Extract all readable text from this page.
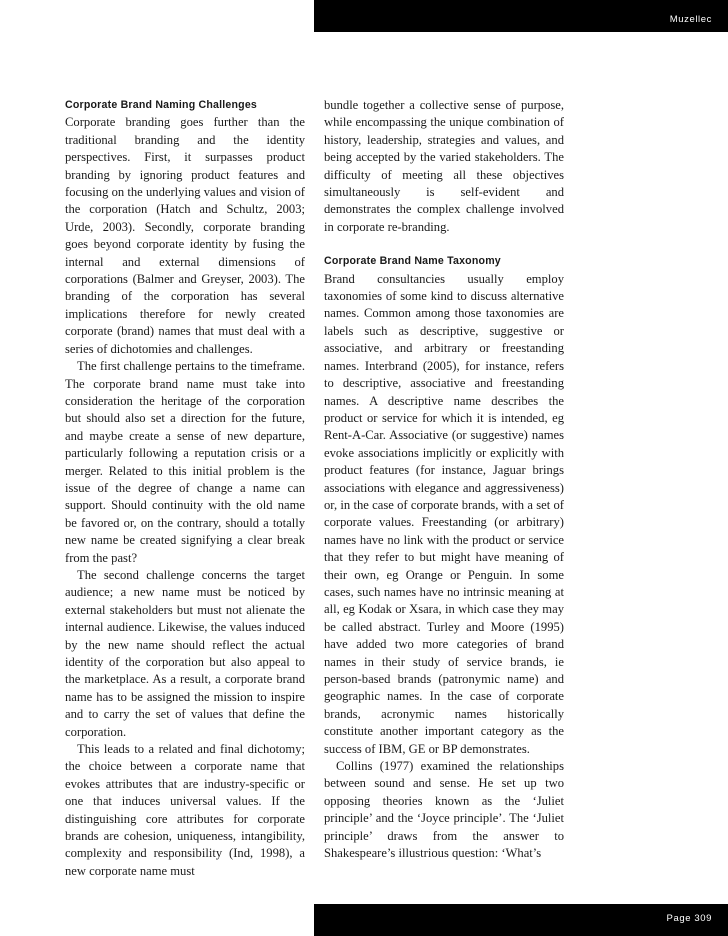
Muzellec
Corporate Brand Naming Challenges

Corporate branding goes further than the traditional branding and the identity perspectives. First, it surpasses product branding by ignoring product features and focusing on the underlying values and vision of the corporation (Hatch and Schultz, 2003; Urde, 2003). Secondly, corporate branding goes beyond corporate identity by fusing the internal and external dimensions of corporations (Balmer and Greyser, 2003). The branding of the corporation has several implications therefore for newly created corporate (brand) names that must deal with a series of dichotomies and challenges.

The first challenge pertains to the timeframe. The corporate brand name must take into consideration the heritage of the corporation but should also set a direction for the future, and maybe create a sense of new departure, particularly following a reputation crisis or a merger. Related to this initial problem is the issue of the degree of change a name can support. Should continuity with the old name be favored or, on the contrary, should a totally new name be created signifying a clear break from the past?

The second challenge concerns the target audience; a new name must be noticed by external stakeholders but must not alienate the internal audience. Likewise, the values induced by the new name should reflect the actual identity of the corporation but also appeal to the marketplace. As a result, a corporate brand name has to be assigned the mission to inspire and to carry the set of values that define the corporation.

This leads to a related and final dichotomy; the choice between a corporate name that evokes attributes that are industry-specific or one that induces universal values. If the distinguishing core attributes for corporate brands are cohesion, uniqueness, intangibility, complexity and responsibility (Ind, 1998), a new corporate name must

bundle together a collective sense of purpose, while encompassing the unique combination of history, leadership, strategies and values, and being accepted by the varied stakeholders. The difficulty of meeting all these objectives simultaneously is self-evident and demonstrates the complex challenge involved in corporate re-branding.

Corporate Brand Name Taxonomy

Brand consultancies usually employ taxonomies of some kind to discuss alternative names. Common among those taxonomies are labels such as descriptive, suggestive or associative, and arbitrary or freestanding names. Interbrand (2005), for instance, refers to descriptive, associative and freestanding names. A descriptive name describes the product or service for which it is intended, eg Rent-A-Car. Associative (or suggestive) names evoke associations implicitly or explicitly with product features (for instance, Jaguar brings associations with elegance and aggressiveness) or, in the case of corporate brands, with a set of corporate values. Freestanding (or arbitrary) names have no link with the product or service that they refer to but might have meaning of their own, eg Orange or Penguin. In some cases, such names have no intrinsic meaning at all, eg Kodak or Xsara, in which case they may be called abstract. Turley and Moore (1995) have added two more categories of brand names in their study of service brands, ie person-based brands (patronymic name) and geographic names. In the case of corporate brands, acronymic names historically constitute another important category as the success of IBM, GE or BP demonstrates.

Collins (1977) examined the relationships between sound and sense. He set up two opposing theories known as the ‘Juliet principle’ and the ‘Joyce principle’. The ‘Juliet principle’ draws from the answer to Shakespeare’s illustrious question: ‘What’s

Page 309
